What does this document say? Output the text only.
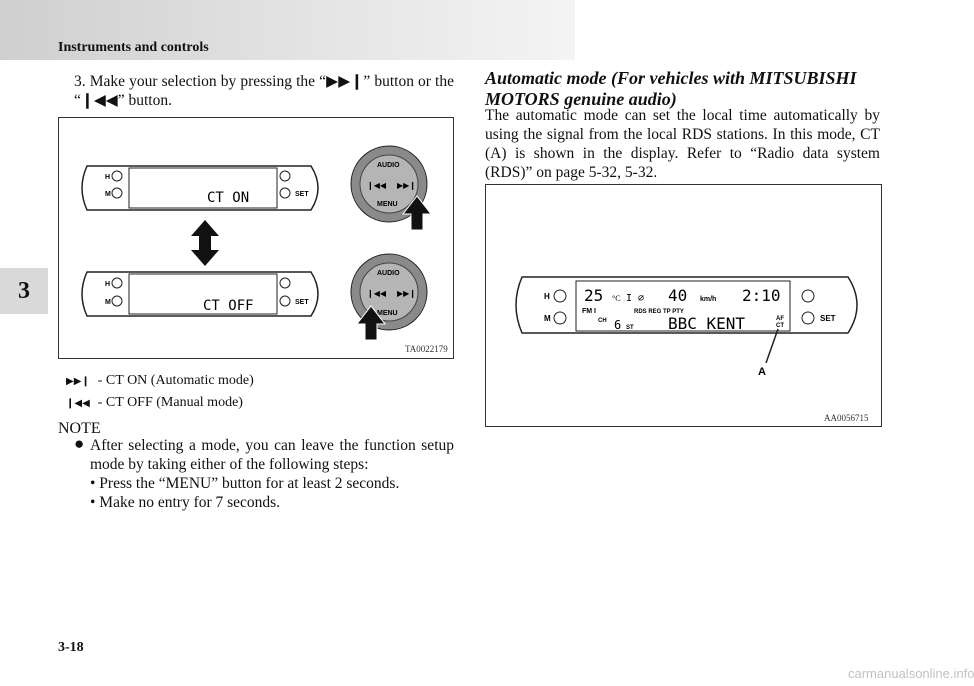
Instruments and controls
3
3. Make your selection by pressing the “▶▶❙” button or the “❙◀◀” button.
H
M	CT ON	SET
H
M	CT OFF	SET
AUDIO
MENU
❙◀◀ ▶▶❙
AUDIO
MENU
❙◀◀ ▶▶❙
TA0022179
▶▶❙ - CT ON (Automatic mode)
❙◀◀ - CT OFF (Manual mode)
NOTE
● After selecting a mode, you can leave the function setup mode by taking either of the following steps:
• Press the “MENU” button for at least 2 seconds.
• Make no entry for 7 seconds.
Automatic mode (For vehicles with MITSUBISHI MOTORS genuine audio)
The automatic mode can set the local time automatically by using the signal from the local RDS stations. In this mode, CT (A) is shown in the display. Refer to “Radio data system (RDS)” on page 5-32, 5-32.
H
M
25 °C I ∅ 40 km/h 2:10
FM I	RDS REG TP PTY
CH 6 ST BBC KENT	AF
CT
SET
A
AA0056715
3-18
carmanualsonline.info
